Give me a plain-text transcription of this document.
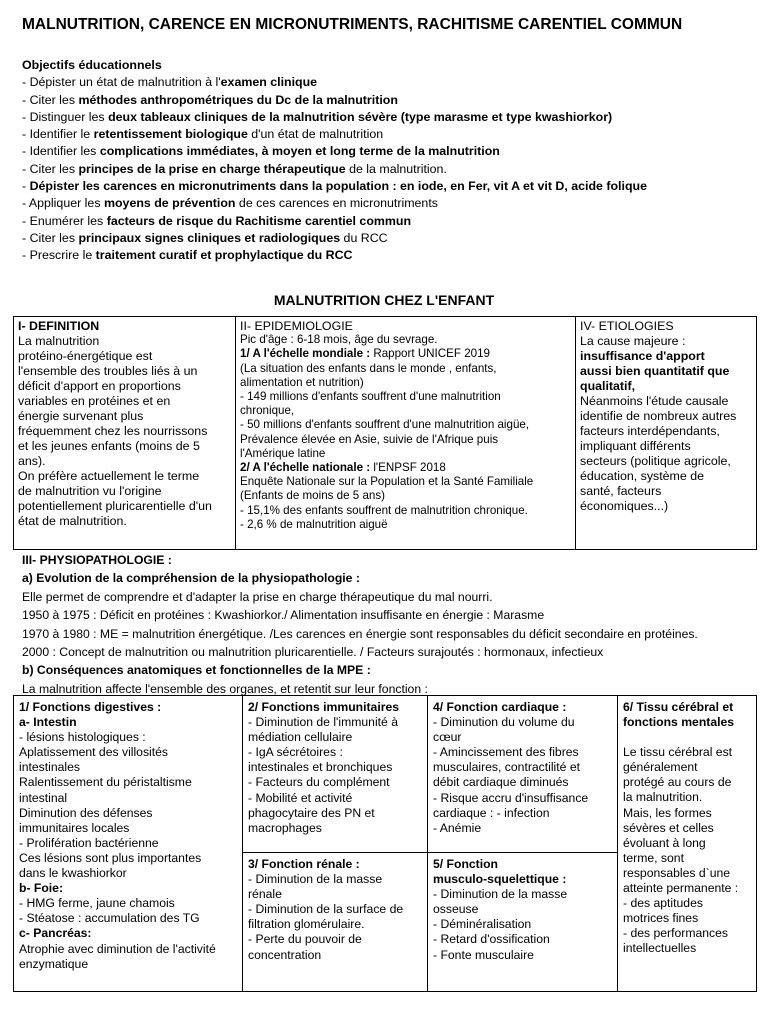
MALNUTRITION, CARENCE EN MICRONUTRIMENTS, RACHITISME CARENTIEL COMMUN
Objectifs éducationnels
- Dépister un état de malnutrition à l'examen clinique
- Citer les méthodes anthropométriques du Dc de la malnutrition
- Distinguer les deux tableaux cliniques de la malnutrition sévère (type marasme et type kwashiorkor)
- Identifier le retentissement biologique d'un état de malnutrition
- Identifier les complications immédiates, à moyen et long terme de la malnutrition
- Citer les principes de la prise en charge thérapeutique de la malnutrition.
- Dépister les carences en micronutriments dans la population : en iode, en Fer, vit A et vit D, acide folique
- Appliquer les moyens de prévention de ces carences en micronutriments
- Enumérer les facteurs de risque du Rachitisme carentiel commun
- Citer les principaux signes cliniques et radiologiques du RCC
- Prescrire le traitement curatif et prophylactique du RCC
MALNUTRITION CHEZ L'ENFANT
I- DEFINITION
La malnutrition
protéino-énergétique est
l'ensemble des troubles liés à un
déficit d'apport en proportions
variables en protéines et en
énergie survenant plus
fréquemment chez les nourrissons
et les jeunes enfants (moins de 5
ans).
On préfère actuellement le terme
de malnutrition vu l'origine
potentiellement pluricarentielle d'un
état de malnutrition.
II- EPIDEMIOLOGIE
Pic d'âge : 6-18 mois, âge du sevrage.
1/ A l'échelle mondiale : Rapport UNICEF 2019
(La situation des enfants dans le monde , enfants,
alimentation et nutrition)
- 149 millions d'enfants souffrent d'une malnutrition
chronique,
- 50 millions d'enfants souffrent d'une malnutrition aigüe,
Prévalence élevée en Asie, suivie de l'Afrique puis
l'Amérique latine
2/ A l'échelle nationale : l'ENPSF 2018
Enquête Nationale sur la Population et la Santé Familiale
(Enfants de moins de 5 ans)
- 15,1% des enfants souffrent de malnutrition chronique.
- 2,6 % de malnutrition aiguë
IV- ETIOLOGIES
La cause majeure :
insuffisance d'apport
aussi bien quantitatif que
qualitatif,
Néanmoins l'étude causale
identifie de nombreux autres
facteurs interdépendants,
impliquant différents
secteurs (politique agricole,
éducation, système de
santé, facteurs
économiques...)
III- PHYSIOPATHOLOGIE :
a) Evolution de la compréhension de la physiopathologie :
Elle permet de comprendre et d'adapter la prise en charge thérapeutique du mal nourri.
1950 à 1975 : Déficit en protéines : Kwashiorkor./ Alimentation insuffisante en énergie : Marasme
1970 à 1980 : ME = malnutrition énergétique. /Les carences en énergie sont responsables du déficit secondaire en protéines.
2000 : Concept de malnutrition ou malnutrition pluricarentielle. / Facteurs surajoutés : hormonaux, infectieux
b) Conséquences anatomiques et fonctionnelles de la MPE :
La malnutrition affecte l'ensemble des organes, et retentit sur leur fonction :
1/ Fonctions digestives :
a- Intestin
- lésions histologiques :
Aplatissement des villosités
intestinales
Ralentissement du péristaltisme
intestinal
Diminution des défenses
immunitaires locales
- Prolifération bactérienne
Ces lésions sont plus importantes
dans le kwashiorkor
b- Foie:
- HMG ferme, jaune chamois
- Stéatose : accumulation des TG
c- Pancréas:
Atrophie avec diminution de l'activité
enzymatique
2/ Fonctions immunitaires
- Diminution de l'immunité à
médiation cellulaire
- IgA sécrétoires :
intestinales et bronchiques
- Facteurs du complément
- Mobilité et activité
phagocytaire des PN et
macrophages
3/ Fonction rénale :
- Diminution de la masse
rénale
- Diminution de la surface de
filtration glomérulaire.
- Perte du pouvoir de
concentration
4/ Fonction cardiaque :
- Diminution du volume du
cœur
- Amincissement des fibres
musculaires, contractilité et
débit cardiaque diminués
- Risque accru d'insuffisance
cardiaque : - infection
- Anémie
5/ Fonction
musculo-squelettique :
- Diminution de la masse
osseuse
- Déminéralisation
- Retard d'ossification
- Fonte musculaire
6/ Tissu cérébral et
fonctions mentales
Le tissu cérébral est
généralement
protégé au cours de
la malnutrition.
Mais, les formes
sévères et celles
évoluant à long
terme, sont
responsables d`une
atteinte permanente :
- des aptitudes
motrices fines
- des performances
intellectuelles
